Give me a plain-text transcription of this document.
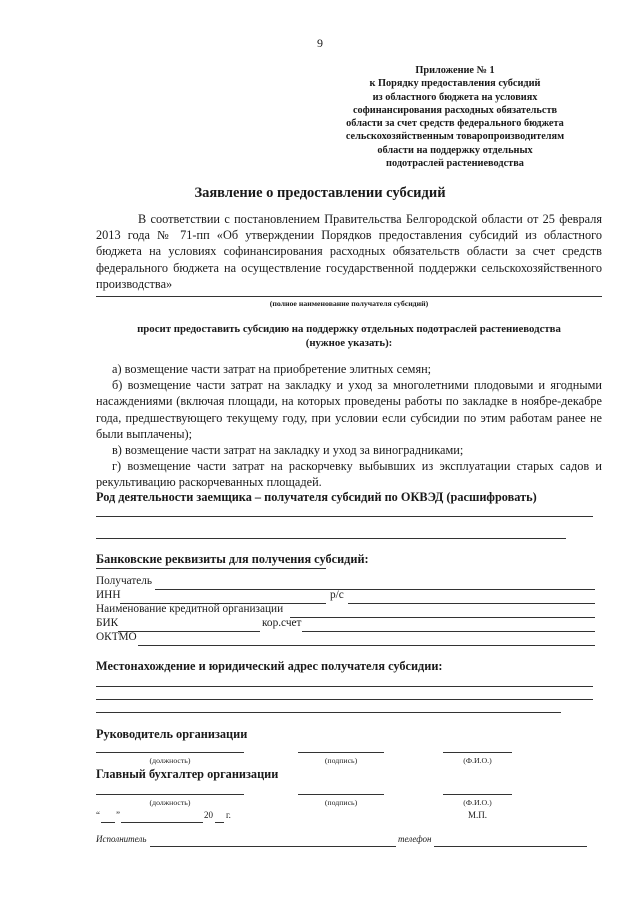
9
Приложение № 1
к Порядку предоставления субсидий
из областного бюджета на условиях
софинансирования расходных обязательств
области за счет средств федерального бюджета
сельскохозяйственным товаропроизводителям
области на поддержку отдельных
подотраслей растениеводства
Заявление о предоставлении субсидий
В соответствии с постановлением Правительства Белгородской области от 25 февраля 2013 года № 71-пп «Об утверждении Порядков предоставления субсидий из областного бюджета на условиях софинансирования расходных обязательств области за счет средств федерального бюджета на осуществление государственной поддержки сельскохозяйственного производства»
(полное наименование получателя субсидий)
просит предоставить субсидию на поддержку отдельных подотраслей растениеводства
(нужное указать):

а) возмещение части затрат на приобретение элитных семян;

б) возмещение части затрат на закладку и уход за многолетними плодовыми и ягодными насаждениями (включая площади, на которых проведены работы по закладке в ноябре-декабре года, предшествующего текущему году, при условии если субсидии по этим работам ранее не были выплачены);

в) возмещение части затрат на закладку и уход за виноградниками;

г) возмещение части затрат на раскорчевку выбывших из эксплуатации старых садов и рекультивацию раскорчеванных площадей.

Род деятельности заемщика – получателя субсидий по ОКВЭД (расшифровать)
Банковские реквизиты для получения субсидий:
Получатель
ИНН	р/с
Наименование кредитной организации
БИК	кор.счет
ОКТМО
Местонахождение и юридический адрес получателя субсидии:
Руководитель организации
(должность)	(подпись)	(Ф.И.О.)
Главный бухгалтер организации
(должность)	(подпись)	(Ф.И.О.)
“ ”	20 г.	М.П.
Исполнитель	телефон
